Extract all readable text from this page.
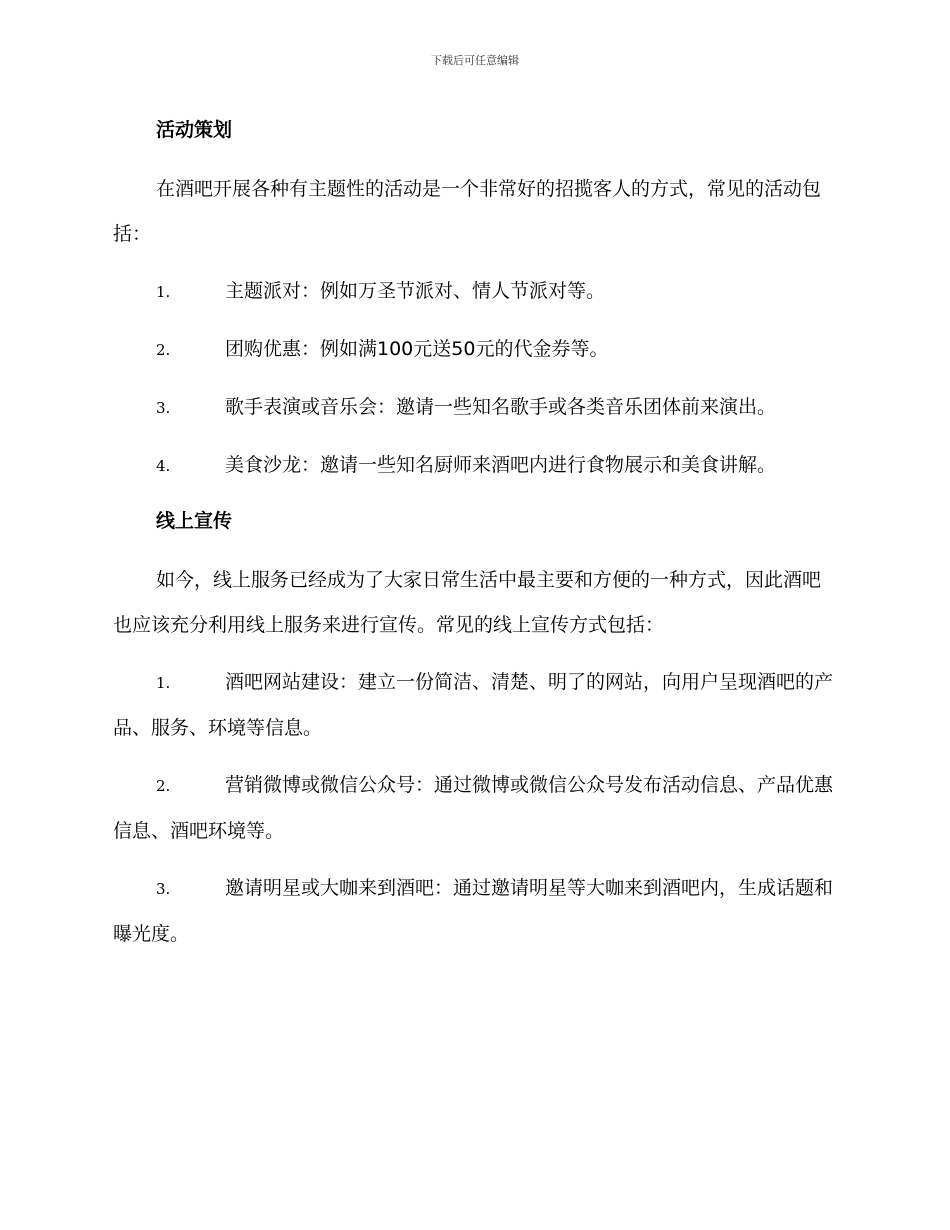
下载后可任意编辑
活动策划
在酒吧开展各种有主题性的活动是一个非常好的招揽客人的方式，常见的活动包括：
1.	主题派对：例如万圣节派对、情人节派对等。
2.	团购优惠：例如满100元送50元的代金券等。
3.	歌手表演或音乐会：邀请一些知名歌手或各类音乐团体前来演出。
4.	美食沙龙：邀请一些知名厨师来酒吧内进行食物展示和美食讲解。
线上宣传
如今，线上服务已经成为了大家日常生活中最主要和方便的一种方式，因此酒吧也应该充分利用线上服务来进行宣传。常见的线上宣传方式包括：
1.	酒吧网站建设：建立一份简洁、清楚、明了的网站，向用户呈现酒吧的产品、服务、环境等信息。
2.	营销微博或微信公众号：通过微博或微信公众号发布活动信息、产品优惠信息、酒吧环境等。
3.	邀请明星或大咖来到酒吧：通过邀请明星等大咖来到酒吧内，生成话题和曝光度。
